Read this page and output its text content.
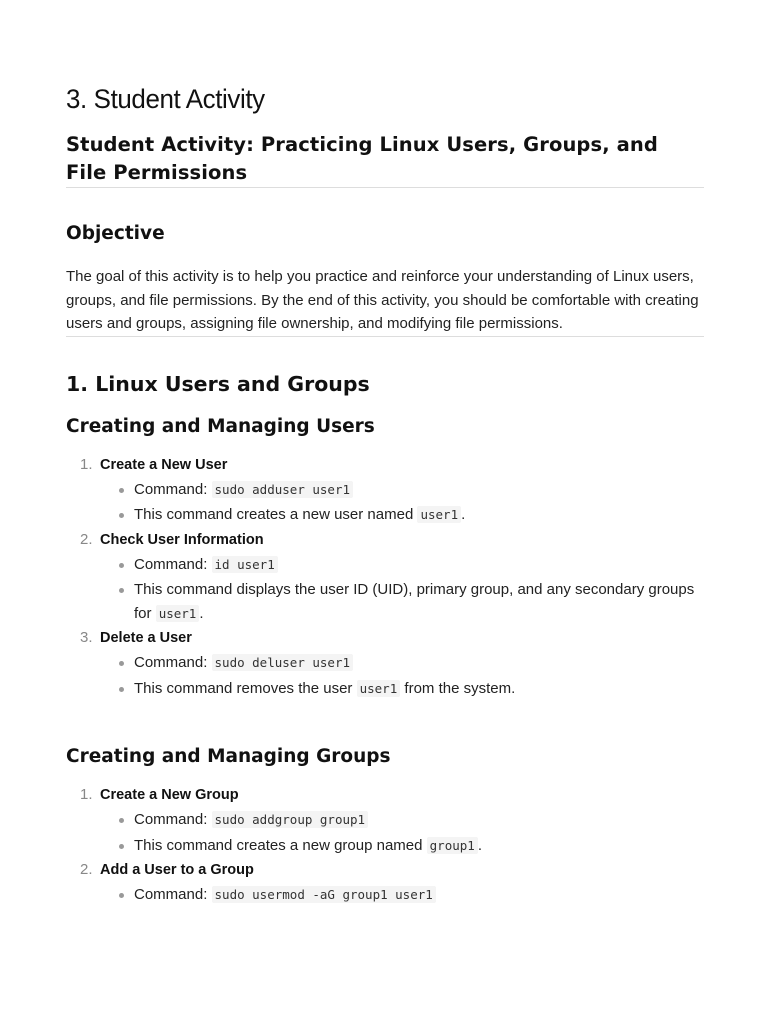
3. Student Activity
Student Activity: Practicing Linux Users, Groups, and File Permissions
Objective

The goal of this activity is to help you practice and reinforce your understanding of Linux users, groups, and file permissions. By the end of this activity, you should be comfortable with creating users and groups, assigning file ownership, and modifying file permissions.

1. Linux Users and Groups
Creating and Managing Users
1. Create a New User
Command: sudo adduser user1
This command creates a new user named user1 .
2. Check User Information
Command: id user1
This command displays the user ID (UID), primary group, and any secondary groups for user1 .
3. Delete a User
Command: sudo deluser user1
This command removes the user user1 from the system.
Creating and Managing Groups
1. Create a New Group
Command: sudo addgroup group1
This command creates a new group named group1 .
2. Add a User to a Group
Command: sudo usermod -aG group1 user1
